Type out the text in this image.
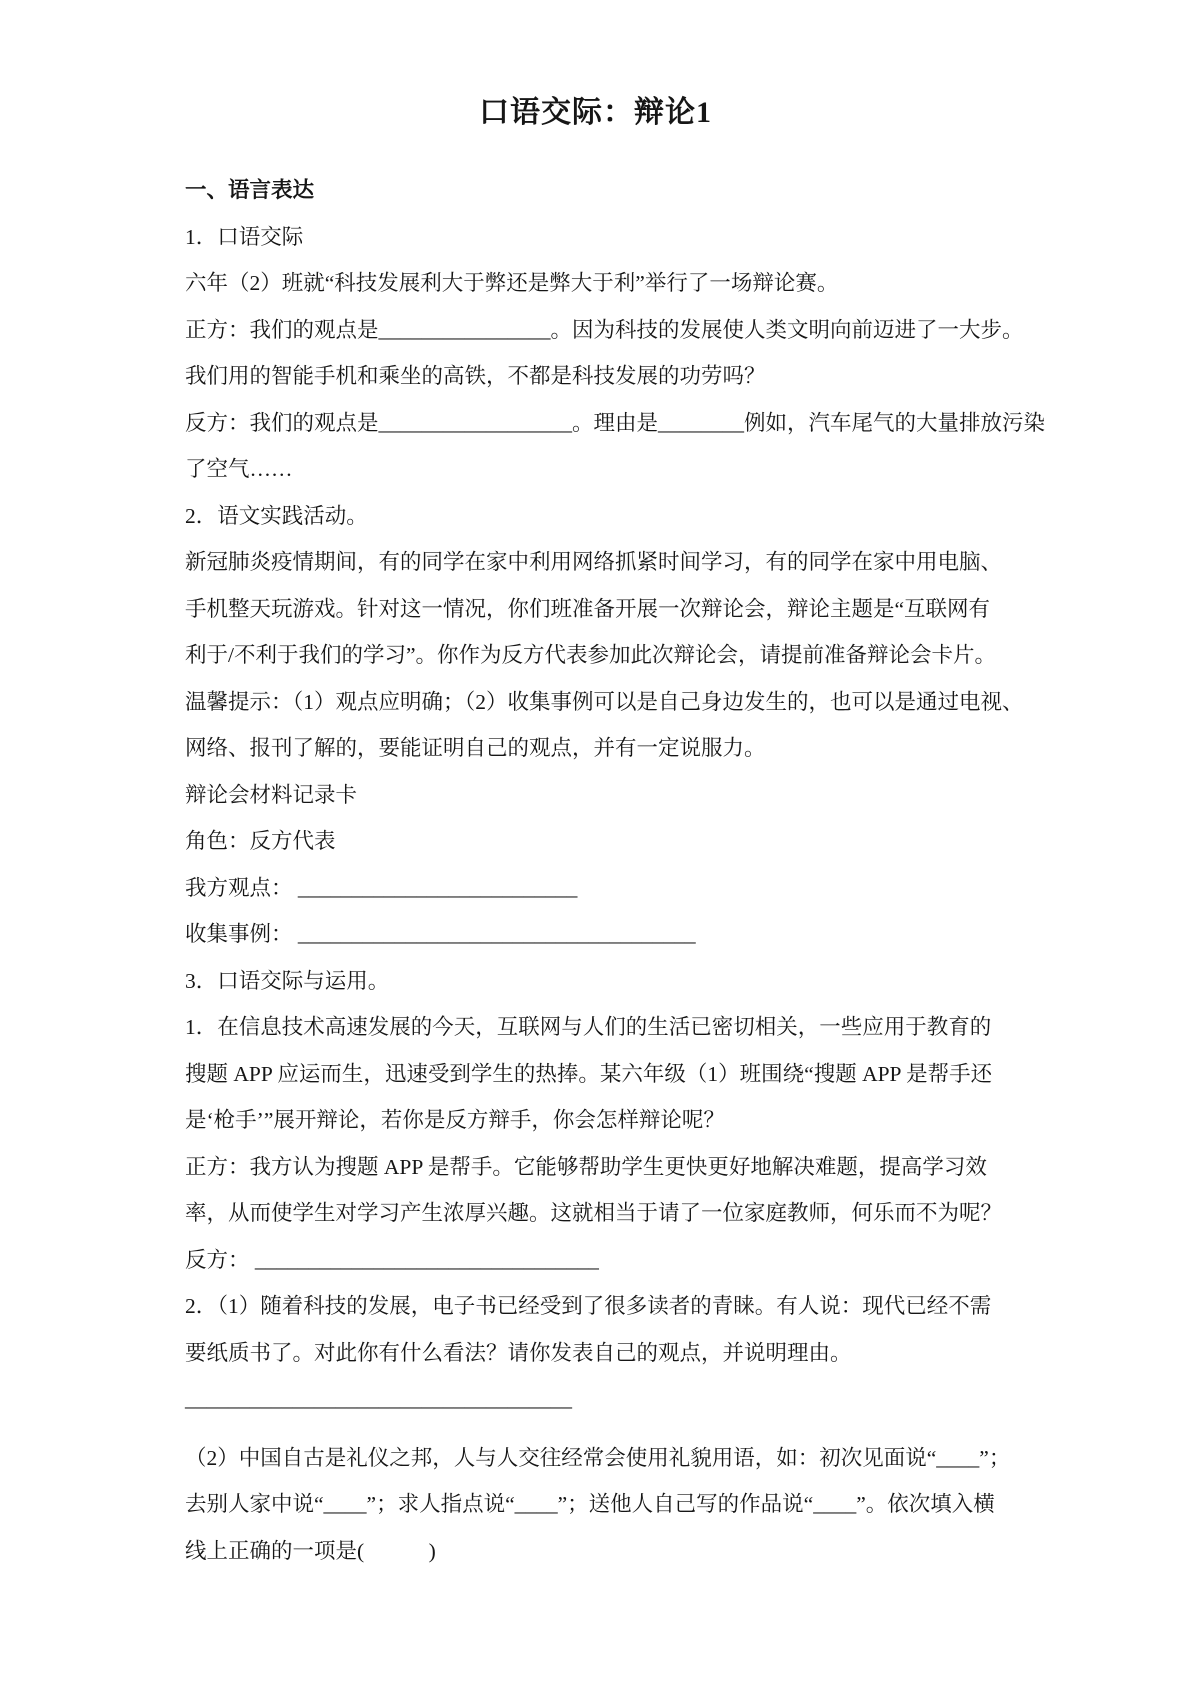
口语交际：辩论1
一、语言表达
1．口语交际
六年（2）班就“科技发展利大于弊还是弊大于利”举行了一场辩论赛。
正方：我们的观点是________________。因为科技的发展使人类文明向前迈进了一大步。
我们用的智能手机和乘坐的高铁，不都是科技发展的功劳吗？
反方：我们的观点是__________________。理由是________例如，汽车尾气的大量排放污染
了空气……
2．语文实践活动。
新冠肺炎疫情期间，有的同学在家中利用网络抓紧时间学习，有的同学在家中用电脑、
手机整天玩游戏。针对这一情况，你们班准备开展一次辩论会，辩论主题是“互联网有
利于/不利于我们的学习”。你作为反方代表参加此次辩论会，请提前准备辩论会卡片。
温馨提示：（1）观点应明确；（2）收集事例可以是自己身边发生的，也可以是通过电视、
网络、报刊了解的，要能证明自己的观点，并有一定说服力。
辩论会材料记录卡
角色：反方代表
我方观点： __________________________
收集事例： _____________________________________
3．口语交际与运用。
1．在信息技术高速发展的今天，互联网与人们的生活已密切相关，一些应用于教育的
搜题 APP 应运而生，迅速受到学生的热捧。某六年级（1）班围绕“搜题 APP 是帮手还
是‘枪手’”展开辩论，若你是反方辩手，你会怎样辩论呢？
正方：我方认为搜题 APP 是帮手。它能够帮助学生更快更好地解决难题，提高学习效
率，从而使学生对学习产生浓厚兴趣。这就相当于请了一位家庭教师，何乐而不为呢？
反方： ________________________________
2．（1）随着科技的发展，电子书已经受到了很多读者的青睐。有人说：现代已经不需
要纸质书了。对此你有什么看法？请你发表自己的观点，并说明理由。
____________________________________
（2）中国自古是礼仪之邦，人与人交往经常会使用礼貌用语，如：初次见面说“____”；
去别人家中说“____”；求人指点说“____”；送他人自己写的作品说“____”。依次填入横
线上正确的一项是(            )
